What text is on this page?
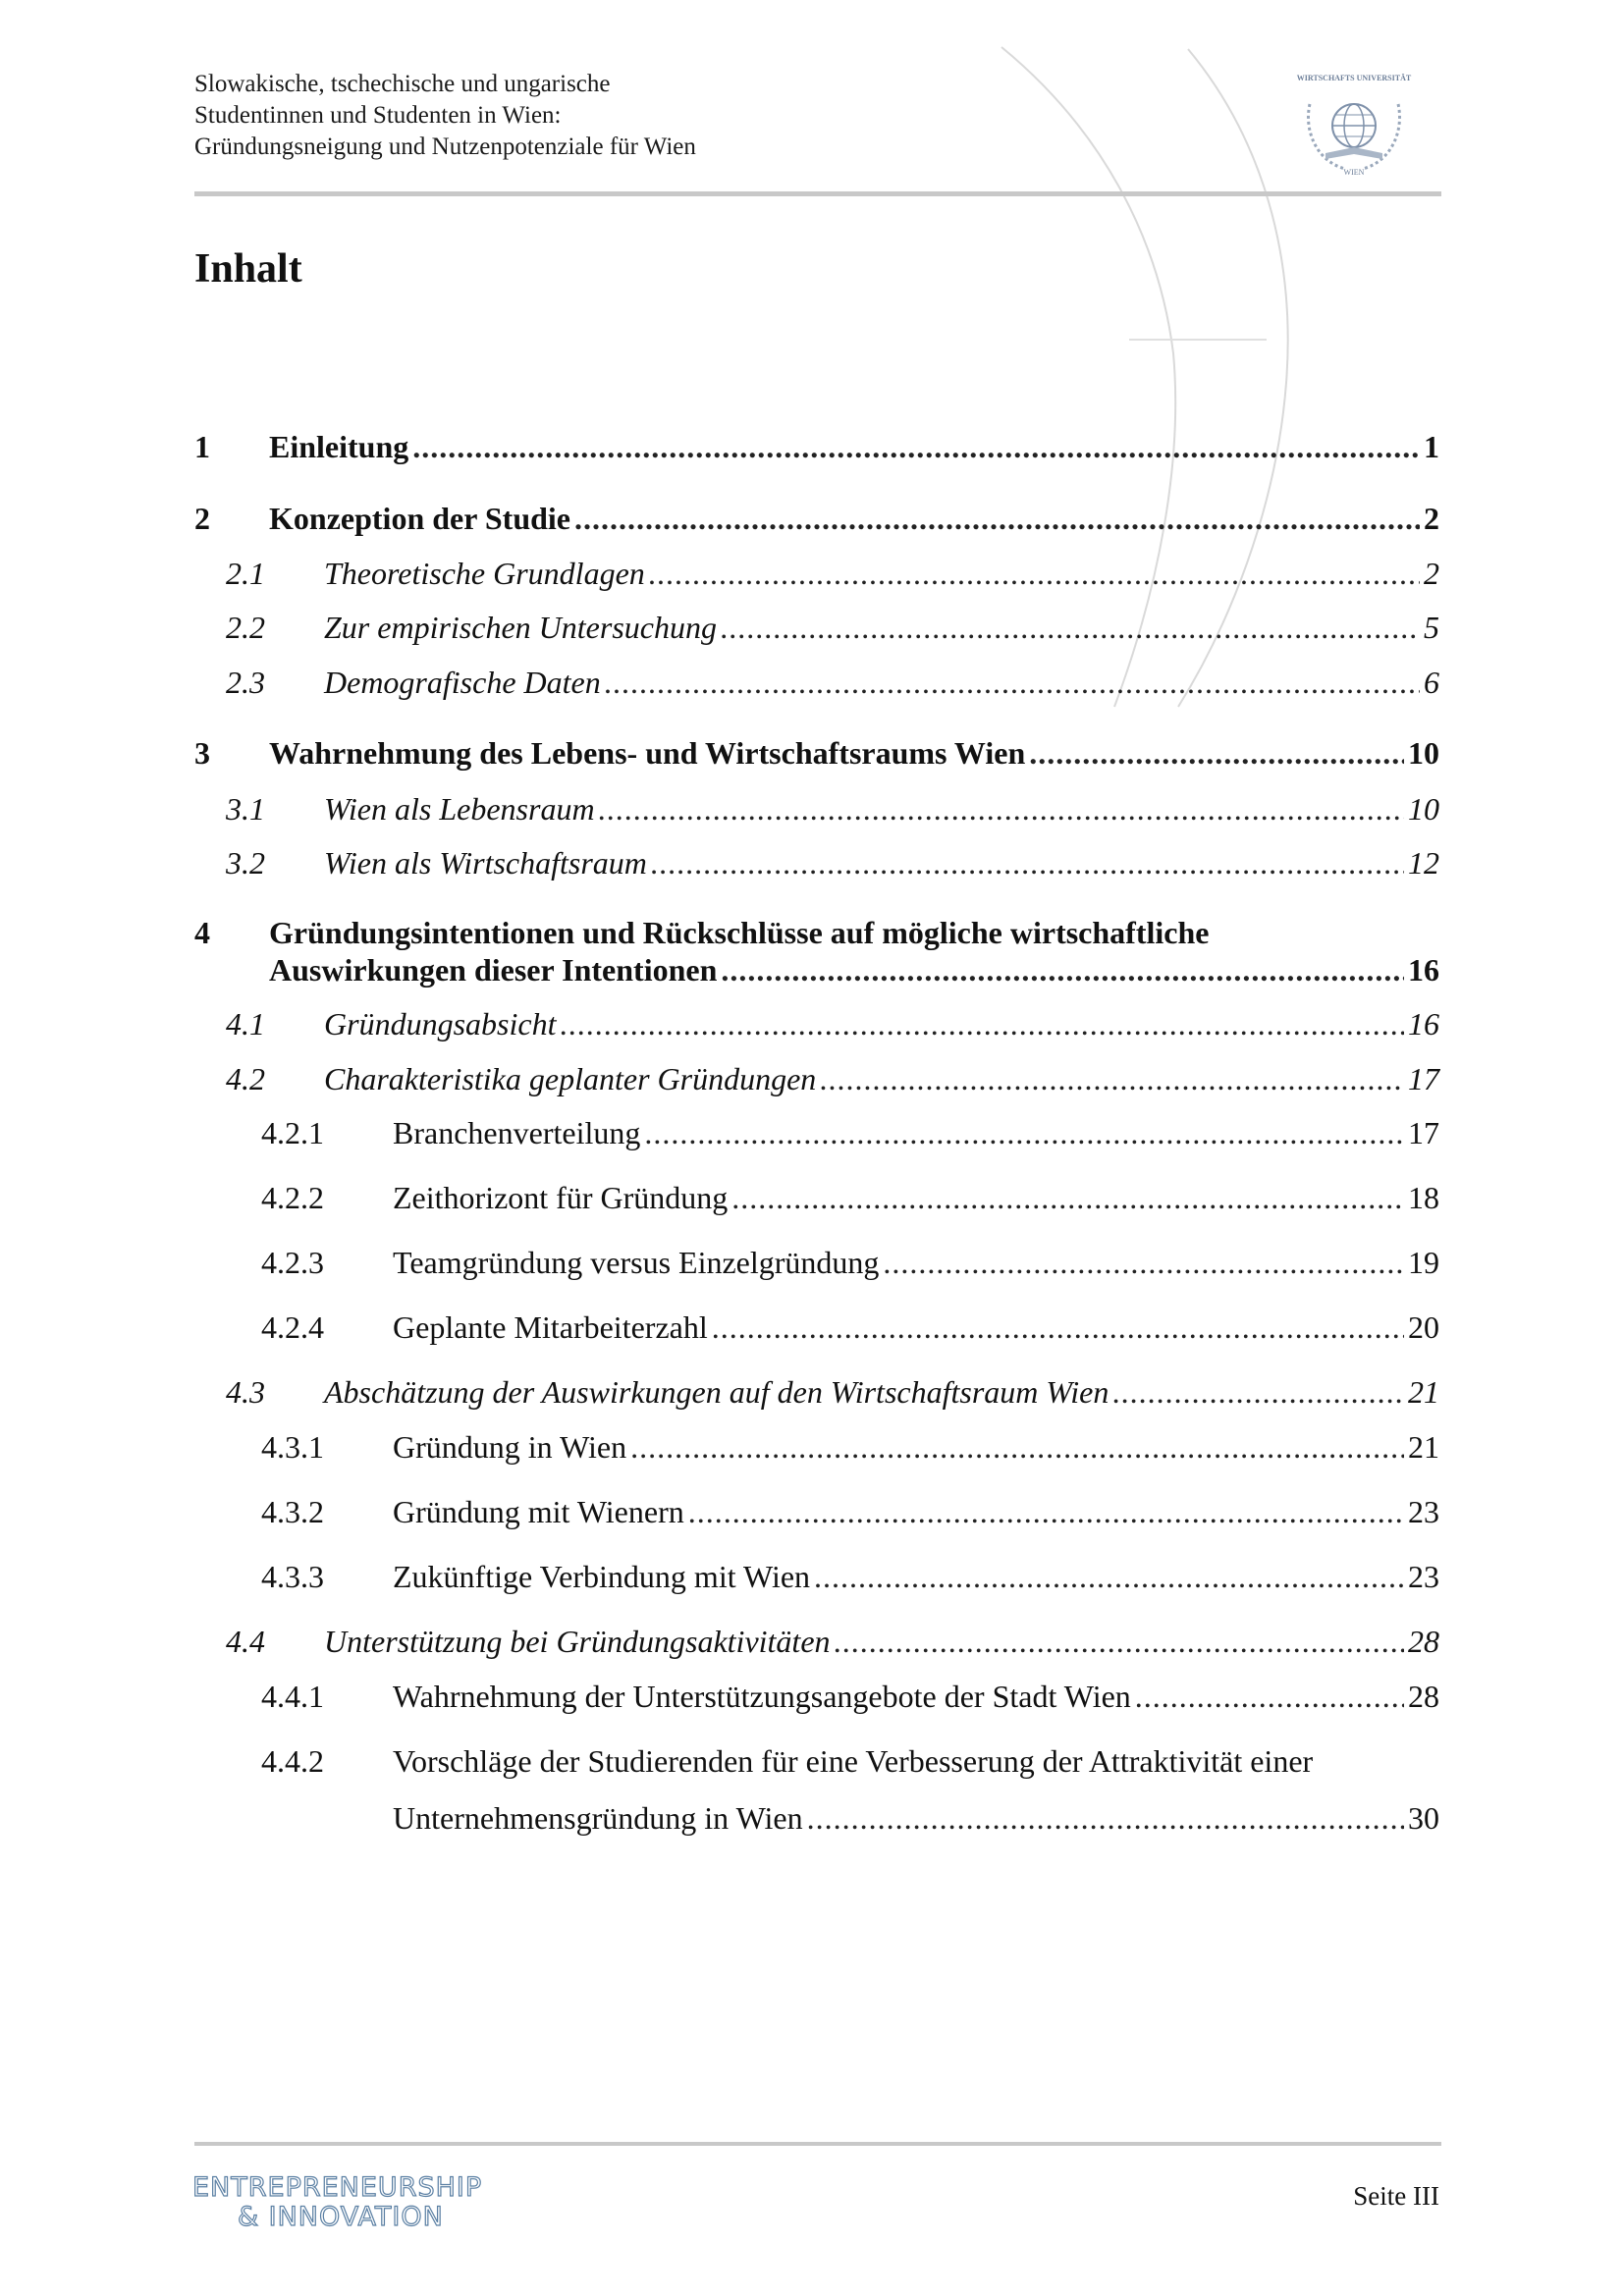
Slowakische, tschechische und ungarische
Studentinnen und Studenten in Wien:
Gründungsneigung und Nutzenpotenziale für Wien
WIRTSCHAFTS UNIVERSITÄT
WIEN
Inhalt
1	Einleitung .....	1
2	Konzeption der Studie .....	2
2.1	Theoretische Grundlagen .....	2
2.2	Zur empirischen Untersuchung .....	5
2.3	Demografische Daten .....	6
3	Wahrnehmung des Lebens- und Wirtschaftsraums Wien .....	10
3.1	Wien als Lebensraum .....	10
3.2	Wien als Wirtschaftsraum .....	12
4 Gründungsintentionen und Rückschlüsse auf mögliche wirtschaftliche
Auswirkungen dieser Intentionen .....	16
4.1	Gründungsabsicht .....	16
4.2	Charakteristika geplanter Gründungen .....	17
4.2.1	Branchenverteilung .....	17
4.2.2	Zeithorizont für Gründung .....	18
4.2.3	Teamgründung versus Einzelgründung .....	19
4.2.4	Geplante Mitarbeiterzahl .....	20
4.3	Abschätzung der Auswirkungen auf den Wirtschaftsraum Wien .....	21
4.3.1	Gründung in Wien .....	21
4.3.2	Gründung mit Wienern .....	23
4.3.3	Zukünftige Verbindung mit Wien .....	23
4.4	Unterstützung bei Gründungsaktivitäten .....	28
4.4.1	Wahrnehmung der Unterstützungsangebote der Stadt Wien .....	28
4.4.2 Vorschläge der Studierenden für eine Verbesserung der Attraktivität einer
Unternehmensgründung in Wien .....	30
ENTREPRENEURSHIP
& INNOVATION
Seite III
